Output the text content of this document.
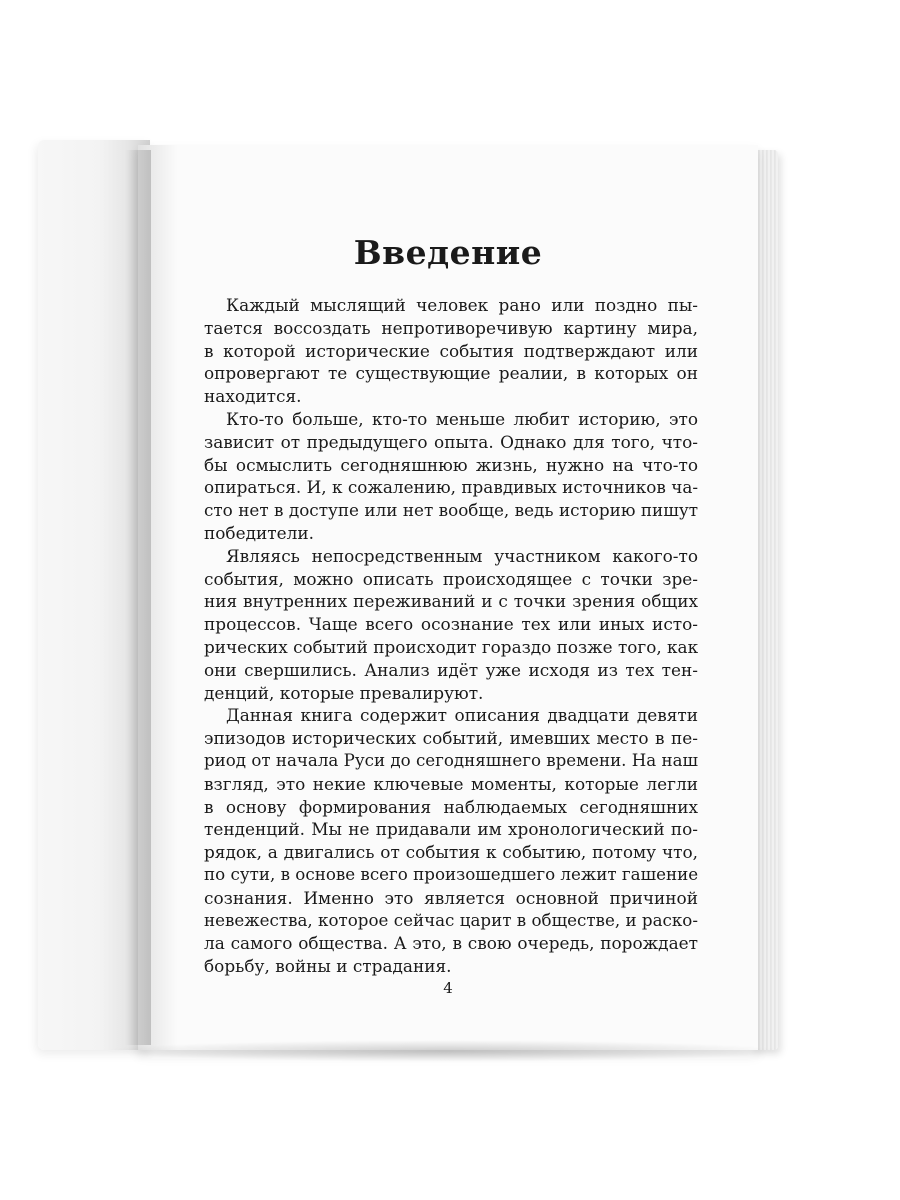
Введение
Каждый мыслящий человек рано или поздно пы-
тается воссоздать непротиворечивую картину мира,
в которой исторические события подтверждают или
опровергают те существующие реалии, в которых он
находится.
Кто-то больше, кто-то меньше любит историю, это
зависит от предыдущего опыта. Однако для того, что-
бы осмыслить сегодняшнюю жизнь, нужно на что-то
опираться. И, к сожалению, правдивых источников ча-
сто нет в доступе или нет вообще, ведь историю пишут
победители.
Являясь непосредственным участником какого-то
события, можно описать происходящее с точки зре-
ния внутренних переживаний и с точки зрения общих
процессов. Чаще всего осознание тех или иных исто-
рических событий происходит гораздо позже того, как
они свершились. Анализ идёт уже исходя из тех тен-
денций, которые превалируют.
Данная книга содержит описания двадцати девяти
эпизодов исторических событий, имевших место в пе-
риод от начала Руси до сегодняшнего времени. На наш
взгляд, это некие ключевые моменты, которые легли
в основу формирования наблюдаемых сегодняшних
тенденций. Мы не придавали им хронологический по-
рядок, а двигались от события к событию, потому что,
по сути, в основе всего произошедшего лежит гашение
сознания. Именно это является основной причиной
невежества, которое сейчас царит в обществе, и раско-
ла самого общества. А это, в свою очередь, порождает
борьбу, войны и страдания.
4
